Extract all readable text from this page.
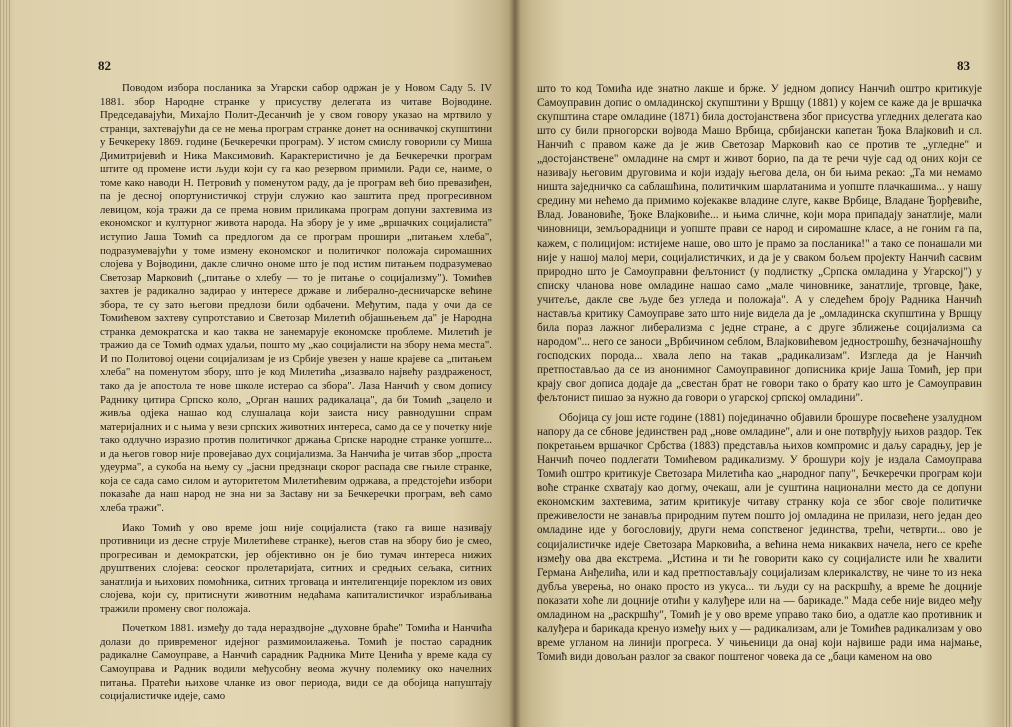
82

Поводом избора посланика за Угарски сабор одржан је у Новом Саду 5. IV 1881. збор Народне странке у присуству делегата из читаве Војводине. Председавајући, Михајло Полит-Десанчић је у свом говору указао на мртвило у странци, захтевајући да се не мења програм странке донет на оснивачкој скупштини у Бечкереку 1869. године (Бечкеречки програм). У истом смислу говорили су Миша Димитријевић и Ника Максимовић. Карактеристично је да Бечкеречки програм штите од промене исти људи који су га као резервом примили. Ради се, наиме, о томе како наводи Н. Петровић у поменутом раду, да је програм већ био превазиђен, па је десној опортунистичкој струји служио као заштита пред прогресивном левицом, која тражи да се према новим приликама програм допуни захтевима из економског и културног живота народа. На збору је у име „вршачких социјалиста" иступио Јаша Томић са предлогом да се програм прошири „питањем хлеба", подразумевајући у томе измену економског и политичког положаја сиромашних слојева у Војводини, дакле слично ономе што је под истим питањем подразумевао Светозар Марковић („питање о хлебу — то је питање о социјализму"). Томићев захтев је радикално задирао у интересе државе и либерално-десничарске већине збора, те су зато његови предлози били одбачени. Међутим, пада у очи да се Томићевом захтеву супротставио и Светозар Милетић објашњењем да" је Народна странка демократска и као таква не занемарује економске проблеме. Милетић је тражио да се Томић одмах удаљи, пошто му „као социјалисти на збору нема места". И по Политовој оцени социјализам је из Србије увезен у наше крајеве са „питањем хлеба" на поменутом збору, што је код Милетића „изазвало највећу раздраженост, тако да је апостола те нове школе истерао са збора". Лаза Нанчић у свом допису Раднику цитира Српско коло, „Орган наших радикалаца", да би Томић „зацело и живља одјека нашао код слушалаца који заиста нису равнодушни спрам материјалних и с њима у вези српских животних интереса, само да се у почетку није тако одлучно изразио против политичког држања Српске народне странке уопште... и да његов говор није провејавао дух социјализма. За Нанчића је читав збор „проста удеурма", а сукоба на њему су „јасни предзнаци скорог распада све гњиле странке, која се сада само силом и ауторитетом Милетићевим одржава, а предстојећи избори показаће да наш народ не зна ни за Засtаву ни за Бечкеречки програм, већ само хлеба тражи".

Иако Томић у ово време још није социјалиста (тако га више називају противници из десне струје Милетићеве странке), његов став на збору био је смео, прогресиван и демократски, јер објективно он је био тумач интереса нижих друштвених слојева: сеоског пролетаријата, ситних и средњих сељака, ситних занатлија и њихових помоћника, ситних трговаца и интелигенције пореклом из ових слојева, који су, притиснути животним недаћама капиталистичког израбљивања тражили промену свог положаја.

Почетком 1881. између до тада нераздвојне „духовне браће" Томића и Нанчића долази до привременог идејног размимоилажења. Томић је постао сарадник радикалне Самоуправе, а Нанчић сарадник Радника Мите Ценића у време када су Самоуправа и Радник водили међусобну веома жучну полемику око начелних питања. Пратећи њихове чланке из овог периода, види се да обојица напуштају социјалистичке идеје, само

83

што то код Томића иде знатно лакше и брже. У једном допису Нанчић оштро критикује Самоуправин допис о омладинској скупштини у Вршцу (1881) у којем се каже да је вршачка скупштина старе омладине (1871) била достојанствена због присуства угледних делегата као што су били прногорски војвода Машо Врбица, србијански капетан Ђока Влајковић и сл. Нанчић с правом каже да је жив Светозар Марковић као се против те „угледне" и „достојанствене" омладине на смрт и живот борио, па да те речи чује сад од оних који се називају његовим друговима и који издају његова дела, он би њима рекао: „Та ми немамо ништа заједничко са саблашћина, политичким шарлатанима и уопште плачкашима... у нашу средину ми нећемо да примимо којекакве владине слуге, какве Врбице, Владане Ђорђевиће, Влад. Јовановиће, Ђоке Влајковиће... и њима сличне, који мора припадају занатлије, мали чиновници, земљорадници и уопште прави се народ и сиромашне класе, а не гоним га па, кажем, с полицијом: истијеме наше, ово што је прамо за посланика!" а тако се понашали ми није у нашој малој мери, социјалистичких, и да је у сваком бољем пројекту Нанчић сасвим природно што је Самоуправни фељтонист (у подлистку „Српска омладина у Угарској") у списку чланова нове омладине нашао само „мале чиновнике, занатлије, трговце, ђаке, учитеље, дакле све људе без угледа и положаја". А у следећем броју Радника Нанчић наставља критику Самоуправе зато што није видела да је „омладинска скупштина у Вршцу била пораз лажног либерализма с једне стране, а с друге зближење социјализма са народом"... него се заноси „Врбичином себлом, Влајковићевом једнострошћу, безначајношћу господских порода... хвала лепо на такав „радикализам". Изгледа да је Нанчић претпостављао да се из анонимног Самоуправиног дописника крије Јаша Томић, јер при крају свог допиcа додаје да „свестан брат не говори тако о брату као што је Самоуправин фељтонист пишао за нужно да говори о угарској српској омладини".

Обојица су још исте године (1881) појединачно објавили брошуре посвећене узалудном напору да се сбнове јединствен рад „нове омладине", али и оне потврђују њихов раздор. Тек покретањем вршачког Србства (1883) представља њихов компромис и даљу сарадњу, јер је Нанчић почео подлегати Томићевом радикализму. У брошури коју је издала Самоуправа Томић оштро критикује Светозара Милетића као „народног папу", Бечкеречки програм који воће странке схватају као догму, очекаш, али је суштина национални место да се допуни економским захтевима, затим критикује читаву странку која се због своје политичке преживелости не занавља природним путем пошто јој омладина не прилази, него један део омладине иде у богословију, други нема сопственог јединства, трећи, четврти... ово је социјалистичке идеје Светозара Марковића, а већина нема никаквих начела, него се креће између ова два екстрема. „Истина и ти ће говорити како су социјалисте или ће хвалити Германа Анђелића, или и кад претпостављају социјализам клерикалству, не чине то из нека дубља уверења, но онако просто из укуса... ти људи су на раскршћу, а време ће доцније показати хоће ли доцније отићи у калуђере или на — барикаде." Мада себе није видео међу омладином на „раскршћу", Томић је у ово време управо тако био, а одатле као противник и калуђера и барикада кренуо између њих у — радикализам, али је Томићев радикализам у ово време угланом на линији прогреса. У чињеници да онај који највише ради има најмање, Томић види довољан разлог за сваког поштеног човека да се „баци каменом на ово
